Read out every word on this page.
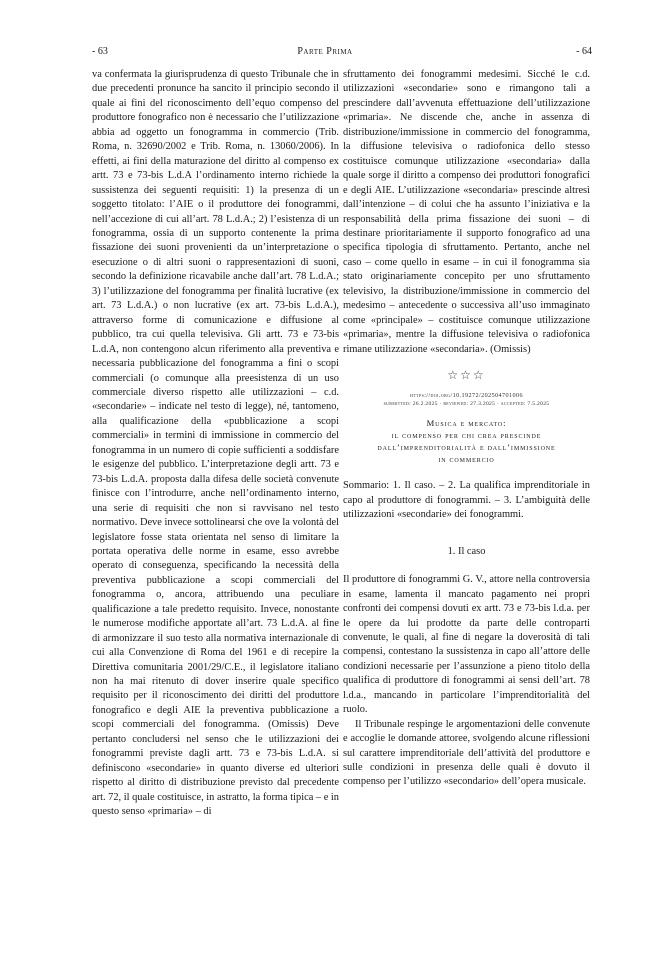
- 63	Parte Prima	- 64

va confermata la giurisprudenza di questo Tribunale che in due precedenti pronunce ha sancito il principio secondo il quale ai fini del riconoscimento dell’equo compenso del produttore fonografico non è necessario che l’utilizzazione abbia ad oggetto un fonogramma in commercio (Trib. Roma, n. 32690/2002 e Trib. Roma, n. 13060/2006). In effetti, ai fini della maturazione del diritto al compenso ex artt. 73 e 73-bis L.d.A l’ordinamento interno richiede la sussistenza dei seguenti requisiti: 1) la presenza di un soggetto titolato: l’AIE o il produttore dei fonogrammi, nell’accezione di cui all’art. 78 L.d.A.; 2) l’esistenza di un fonogramma, ossia di un supporto contenente la prima fissazione dei suoni provenienti da un’interpretazione o esecuzione o di altri suoni o rappresentazioni di suoni, secondo la definizione ricavabile anche dall’art. 78 L.d.A.; 3) l’utilizzazione del fonogramma per finalità lucrative (ex art. 73 L.d.A.) o non lucrative (ex art. 73-bis L.d.A.), attraverso forme di comunicazione e diffusione al pubblico, tra cui quella televisiva. Gli artt. 73 e 73-bis L.d.A, non contengono alcun riferimento alla preventiva e necessaria pubblicazione del fonogramma a fini o scopi commerciali (o comunque alla preesistenza di un uso commerciale diverso rispetto alle utilizzazioni – c.d. «secondarie» – indicate nel testo di legge), né, tantomeno, alla qualificazione della «pubblicazione a scopi commerciali» in termini di immissione in commercio del fonogramma in un numero di copie sufficienti a soddisfare le esigenze del pubblico. L’interpretazione degli artt. 73 e 73-bis L.d.A. proposta dalla difesa delle società convenute finisce con l’introdurre, anche nell’ordinamento interno, una serie di requisiti che non si ravvisano nel testo normativo. Deve invece sottolinearsi che ove la volontà del legislatore fosse stata orientata nel senso di limitare la portata operativa delle norme in esame, esso avrebbe operato di conseguenza, specificando la necessità della preventiva pubblicazione a scopi commerciali del fonogramma o, ancora, attribuendo una peculiare qualificazione a tale predetto requisito. Invece, nonostante le numerose modifiche apportate all’art. 73 L.d.A. al fine di armonizzare il suo testo alla normativa internazionale di cui alla Convenzione di Roma del 1961 e di recepire la Direttiva comunitaria 2001/29/C.E., il legislatore italiano non ha mai ritenuto di dover inserire quale specifico requisito per il riconoscimento dei diritti del produttore fonografico e degli AIE la preventiva pubblicazione a scopi commerciali del fonogramma. (Omissis) Deve pertanto concludersi nel senso che le utilizzazioni dei fonogrammi previste dagli artt. 73 e 73-bis L.d.A. si definiscono «secondarie» in quanto diverse ed ulteriori rispetto al diritto di distribuzione previsto dal precedente art. 72, il quale costituisce, in astratto, la forma tipica – e in questo senso «primaria» – di

sfruttamento dei fonogrammi medesimi. Sicché le c.d. utilizzazioni «secondarie» sono e rimangono tali a prescindere dall’avvenuta effettuazione dell’utilizzazione «primaria». Ne discende che, anche in assenza di distribuzione/immissione in commercio del fonogramma, la diffusione televisiva o radiofonica dello stesso costituisce comunque utilizzazione «secondaria» dalla quale sorge il diritto a compenso dei produttori fonografici e degli AIE. L’utilizzazione «secondaria» prescinde altresì dall’intenzione – di colui che ha assunto l’iniziativa e la responsabilità della prima fissazione dei suoni – di destinare prioritariamente il supporto fonografico ad una specifica tipologia di sfruttamento. Pertanto, anche nel caso – come quello in esame – in cui il fonogramma sia stato originariamente concepito per uno sfruttamento televisivo, la distribuzione/immissione in commercio del medesimo – antecedente o successiva all’uso immaginato come «principale» – costituisce comunque utilizzazione «primaria», mentre la diffusione televisiva o radiofonica rimane utilizzazione «secondaria». (Omissis)

☆☆☆
https://doi.org/10.19272/202504701006
submitted: 26.2.2025 · reviewed: 27.3.2025 · accepted: 7.5.2025
Musica e mercato:
il compenso per chi crea prescinde
dall’imprenditorialità e dall’immissione
in commercio

Sommario: 1. Il caso. – 2. La qualifica imprenditoriale in capo al produttore di fonogrammi. – 3. L’ambiguità delle utilizzazioni «secondarie» dei fonogrammi.

1. Il caso

Il produttore di fonogrammi G. V., attore nella controversia in esame, lamenta il mancato pagamento nei propri confronti dei compensi dovuti ex artt. 73 e 73-bis l.d.a. per le opere da lui prodotte da parte delle controparti convenute, le quali, al fine di negare la doverosità di tali compensi, contestano la sussistenza in capo all’attore delle condizioni necessarie per l’assunzione a pieno titolo della qualifica di produttore di fonogrammi ai sensi dell’art. 78 l.d.a., mancando in particolare l’imprenditorialità del ruolo.

Il Tribunale respinge le argomentazioni delle convenute e accoglie le domande attoree, svolgendo alcune riflessioni sul carattere imprenditoriale dell’attività del produttore e sulle condizioni in presenza delle quali è dovuto il compenso per l’utilizzo «secondario» dell’opera musicale.
